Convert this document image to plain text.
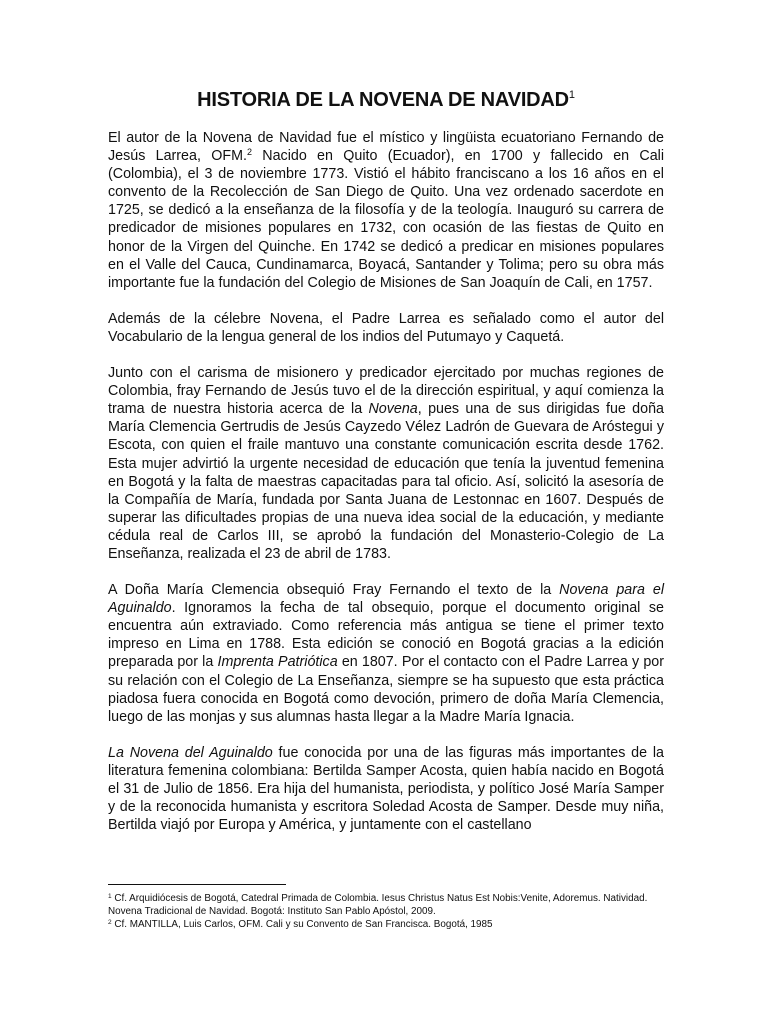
HISTORIA DE LA NOVENA DE NAVIDAD$^1$

El autor de la Novena de Navidad fue el místico y lingüista ecuatoriano Fernando de Jesús Larrea, OFM.$^2$ Nacido en Quito (Ecuador), en 1700 y fallecido en Cali (Colombia), el 3 de noviembre 1773. Vistió el hábito franciscano a los 16 años en el convento de la Recolección de San Diego de Quito. Una vez ordenado sacerdote en 1725, se dedicó a la enseñanza de la filosofía y de la teología. Inauguró su carrera de predicador de misiones populares en 1732, con ocasión de las fiestas de Quito en honor de la Virgen del Quinche. En 1742 se dedicó a predicar en misiones populares en el Valle del Cauca, Cundinamarca, Boyacá, Santander y Tolima; pero su obra más importante fue la fundación del Colegio de Misiones de San Joaquín de Cali, en 1757.

Además de la célebre Novena, el Padre Larrea es señalado como el autor del Vocabulario de la lengua general de los indios del Putumayo y Caquetá.

Junto con el carisma de misionero y predicador ejercitado por muchas regiones de Colombia, fray Fernando de Jesús tuvo el de la dirección espiritual, y aquí comienza la trama de nuestra historia acerca de la Novena, pues una de sus dirigidas fue doña María Clemencia Gertrudis de Jesús Cayzedo Vélez Ladrón de Guevara de Aróstegui y Escota, con quien el fraile mantuvo una constante comunicación escrita desde 1762. Esta mujer advirtió la urgente necesidad de educación que tenía la juventud femenina en Bogotá y la falta de maestras capacitadas para tal oficio. Así, solicitó la asesoría de la Compañía de María, fundada por Santa Juana de Lestonnac en 1607. Después de superar las dificultades propias de una nueva idea social de la educación, y mediante cédula real de Carlos III, se aprobó la fundación del Monasterio-Colegio de La Enseñanza, realizada el 23 de abril de 1783.

A Doña María Clemencia obsequió Fray Fernando el texto de la Novena para el Aguinaldo. Ignoramos la fecha de tal obsequio, porque el documento original se encuentra aún extraviado. Como referencia más antigua se tiene el primer texto impreso en Lima en 1788. Esta edición se conoció en Bogotá gracias a la edición preparada por la Imprenta Patriótica en 1807. Por el contacto con el Padre Larrea y por su relación con el Colegio de La Enseñanza, siempre se ha supuesto que esta práctica piadosa fuera conocida en Bogotá como devoción, primero de doña María Clemencia, luego de las monjas y sus alumnas hasta llegar a la Madre María Ignacia.

La Novena del Aguinaldo fue conocida por una de las figuras más importantes de la literatura femenina colombiana: Bertilda Samper Acosta, quien había nacido en Bogotá el 31 de Julio de 1856. Era hija del humanista, periodista, y político José María Samper y de la reconocida humanista y escritora Soledad Acosta de Samper. Desde muy niña, Bertilda viajó por Europa y América, y juntamente con el castellano

$^1$ Cf. Arquidiócesis de Bogotá, Catedral Primada de Colombia. Iesus Christus Natus Est Nobis:Venite, Adoremus. Natividad. Novena Tradicional de Navidad. Bogotá: Instituto San Pablo Apóstol, 2009.

$^2$ Cf. MANTILLA, Luis Carlos, OFM. Cali y su Convento de San Francisca. Bogotá, 1985
